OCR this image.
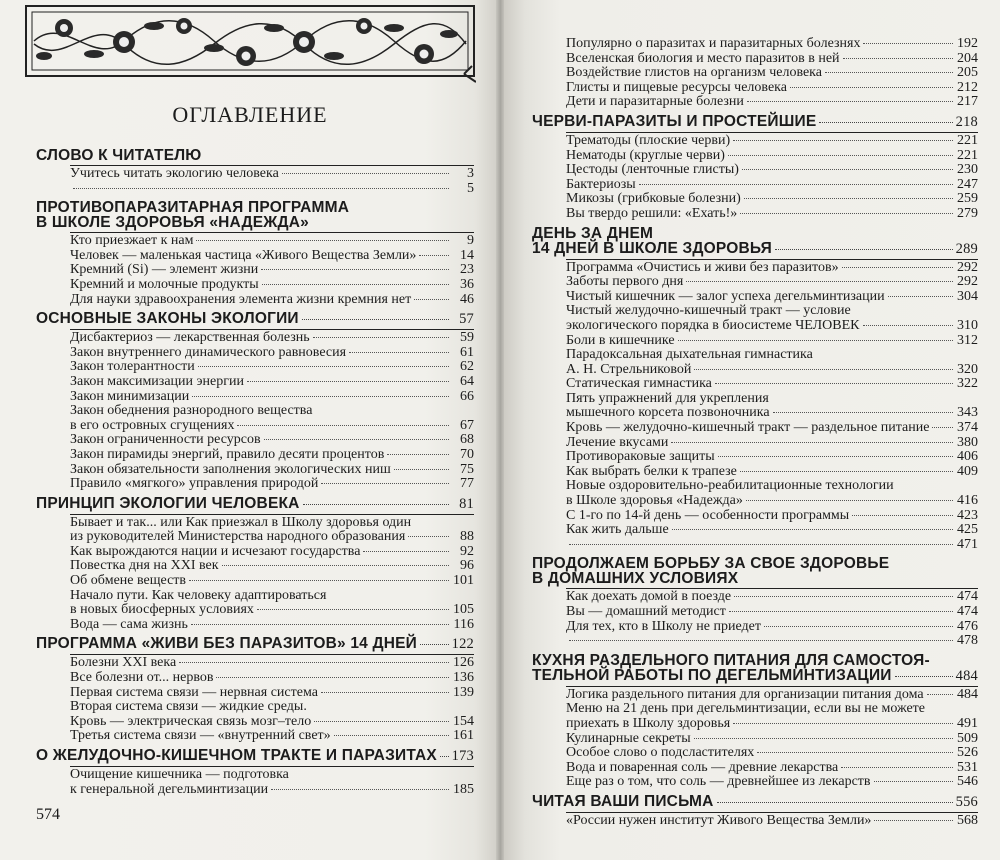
ОГЛАВЛЕНИЕ
СЛОВО К ЧИТАТЕЛЮ
Учитесь читать экологию человека	3
5
ПРОТИВОПАРАЗИТАРНАЯ ПРОГРАММА
В ШКОЛЕ ЗДОРОВЬЯ «НАДЕЖДА»
Кто приезжает к нам	9
Человек — маленькая частица «Живого Вещества Земли»	14
Кремний (Si) — элемент жизни	23
Кремний и молочные продукты	36
Для науки здравоохранения элемента жизни кремния нет	46
ОСНОВНЫЕ ЗАКОНЫ ЭКОЛОГИИ	57
Дисбактериоз — лекарственная болезнь	59
Закон внутреннего динамического равновесия	61
Закон толерантности	62
Закон максимизации энергии	64
Закон минимизации	66
Закон обеднения разнородного вещества
в его островных сгущениях	67
Закон ограниченности ресурсов	68
Закон пирамиды энергий, правило десяти процентов	70
Закон обязательности заполнения экологических ниш	75
Правило «мягкого» управления природой	77
ПРИНЦИП ЭКОЛОГИИ ЧЕЛОВЕКА	81
Бывает и так... или Как приезжал в Школу здоровья один
из руководителей Министерства народного образования	88
Как вырождаются нации и исчезают государства	92
Повестка дня на XXI век	96
Об обмене веществ	101
Начало пути. Как человеку адаптироваться
в новых биосферных условиях	105
Вода — сама жизнь	116
ПРОГРАММА «ЖИВИ БЕЗ ПАРАЗИТОВ» 14 ДНЕЙ 122
Болезни XXI века	126
Все болезни от... нервов	136
Первая система связи — нервная система	139
Вторая система связи — жидкие среды.
Кровь — электрическая связь мозг–тело	154
Третья система связи — «внутренний свет»	161
О ЖЕЛУДОЧНО-КИШЕЧНОМ ТРАКТЕ И ПАРАЗИТАХ 173
Очищение кишечника — подготовка
к генеральной дегельминтизации	185
574
Популярно о паразитах и паразитарных болезнях	192
Вселенская биология и место паразитов в ней	204
Воздействие глистов на организм человека	205
Глисты и пищевые ресурсы человека	212
Дети и паразитарные болезни	217
ЧЕРВИ-ПАРАЗИТЫ И ПРОСТЕЙШИЕ	218
Трематоды (плоские черви)	221
Нематоды (круглые черви)	221
Цестоды (ленточные глисты)	230
Бактериозы	247
Микозы (грибковые болезни)	259
Вы твердо решили: «Ехать!»	279
ДЕНЬ ЗА ДНЕМ
14 ДНЕЙ В ШКОЛЕ ЗДОРОВЬЯ	289
Программа «Очистись и живи без паразитов»	292
Заботы первого дня	292
Чистый кишечник — залог успеха дегельминтизации	304
Чистый желудочно-кишечный тракт — условие
экологического порядка в биосистеме ЧЕЛОВЕК	310
Боли в кишечнике	312
Парадоксальная дыхательная гимнастика
А. Н. Стрельниковой	320
Статическая гимнастика	322
Пять упражнений для укрепления
мышечного корсета позвоночника	343
Кровь — желудочно-кишечный тракт — раздельное питание 374
Лечение вкусами	380
Противораковые защиты	406
Как выбрать белки к трапезе	409
Новые оздоровительно-реабилитационные технологии
в Школе здоровья «Надежда»	416
С 1-го по 14-й день — особенности программы	423
Как жить дальше	425
471
ПРОДОЛЖАЕМ БОРЬБУ ЗА СВОЕ ЗДОРОВЬЕ
В ДОМАШНИХ УСЛОВИЯХ
Как доехать домой в поезде	474
Вы — домашний методист	474
Для тех, кто в Школу не приедет	476
478
КУХНЯ РАЗДЕЛЬНОГО ПИТАНИЯ ДЛЯ САМОСТОЯ-
ТЕЛЬНОЙ РАБОТЫ ПО ДЕГЕЛЬМИНТИЗАЦИИ	484
Логика раздельного питания для организации питания дома 484
Меню на 21 день при дегельминтизации, если вы не можете
приехать в Школу здоровья	491
Кулинарные секреты	509
Особое слово о подсластителях	526
Вода и поваренная соль — древние лекарства	531
Еще раз о том, что соль — древнейшее из лекарств	546
ЧИТАЯ ВАШИ ПИСЬМА	556
«России нужен институт Живого Вещества Земли»	568
